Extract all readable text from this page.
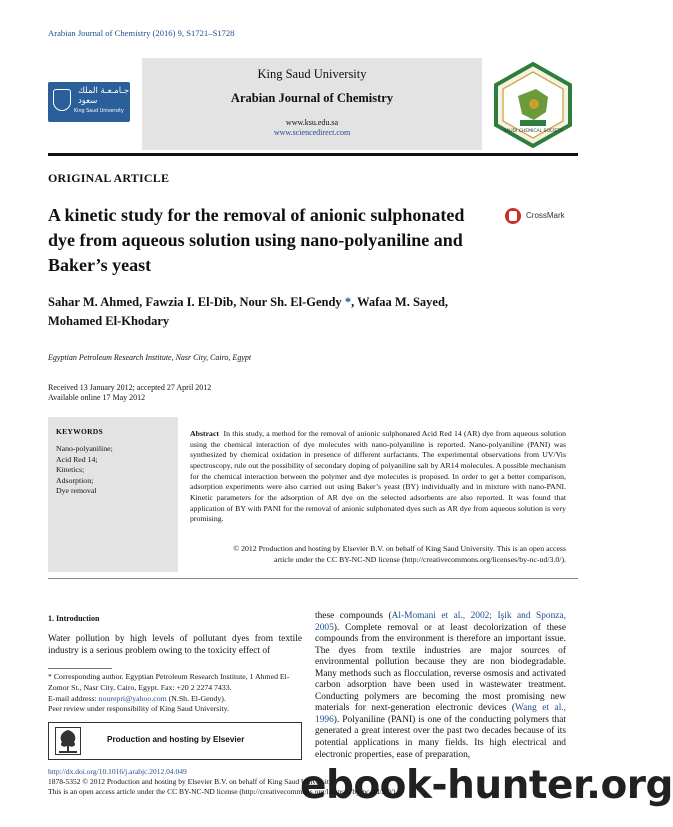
Arabian Journal of Chemistry (2016) 9, S1721–S1728
جـامـعـة الملك سعود
King Saud University
King Saud University
Arabian Journal of Chemistry
www.ksu.edu.sa
www.sciencedirect.com	SAUDI CHEMICAL SOCIETY
ORIGINAL ARTICLE
A kinetic study for the removal of anionic sulphonated dye from aqueous solution using nano-polyaniline and Baker’s yeast
CrossMark
Sahar M. Ahmed, Fawzia I. El-Dib, Nour Sh. El-Gendy *, Wafaa M. Sayed,
Mohamed El-Khodary
Egyptian Petroleum Research Institute, Nasr City, Cairo, Egypt
Received 13 January 2012; accepted 27 April 2012
Available online 17 May 2012
KEYWORDS
Nano-polyaniline;
Acid Red 14;
Kinetics;
Adsorption;
Dye removal
Abstract In this study, a method for the removal of anionic sulphonated Acid Red 14 (AR) dye from aqueous solution using the chemical interaction of dye molecules with nano-polyaniline is reported. Nano-polyaniline (PANI) was synthesized by chemical oxidation in presence of different surfactants. The experimental observations from UV/Vis spectroscopy, rule out the possibility of secondary doping of polyaniline salt by AR14 molecules. A possible mechanism for the chemical interaction between the polymer and dye molecules is proposed. In order to get a better comparison, adsorption experiments were also carried out using Baker’s yeast (BY) individually and in mixture with nano-PANI. Kinetic parameters for the adsorption of AR dye on the selected adsorbents are also reported. It was found that application of BY with PANI for the removal of anionic sulphonated dyes such as AR dye from aqueous solution is very promising.
© 2012 Production and hosting by Elsevier B.V. on behalf of King Saud University. This is an open access
article under the CC BY-NC-ND license (http://creativecommons.org/licenses/by-nc-nd/3.0/).
1. Introduction
Water pollution by high levels of pollutant dyes from textile industry is a serious problem owing to the toxicity effect of
* Corresponding author. Egyptian Petroleum Research Institute, 1 Ahmed El-Zomor St., Nasr City, Cairo, Egypt. Fax: +20 2 2274 7433.
E-mail address: nourepri@yahoo.com (N.Sh. El-Gendy).
Peer review under responsibility of King Saud University.
Production and hosting by Elsevier
these compounds (Al-Momani et al., 2002; Işik and Sponza, 2005). Complete removal or at least decolorization of these compounds from the environment is therefore an important issue. The dyes from textile industries are major sources of environmental pollution because they are non biodegradable. Many methods such as flocculation, reverse osmosis and activated carbon adsorption have been used in wastewater treatment. Conducting polymers are becoming the most promising new materials for next-generation electronic devices (Wang et al., 1996). Polyaniline (PANI) is one of the conducting polymers that generated a great interest over the past two decades because of its potential applications in many fields. Its high electrical and electronic properties, ease of preparation,
http://dx.doi.org/10.1016/j.arabjc.2012.04.049
1878-5352 © 2012 Production and hosting by Elsevier B.V. on behalf of King Saud University.
This is an open access article under the CC BY-NC-ND license (http://creativecommons.org/licenses/by-nc-nd/3.0/).
ebook-hunter.org
